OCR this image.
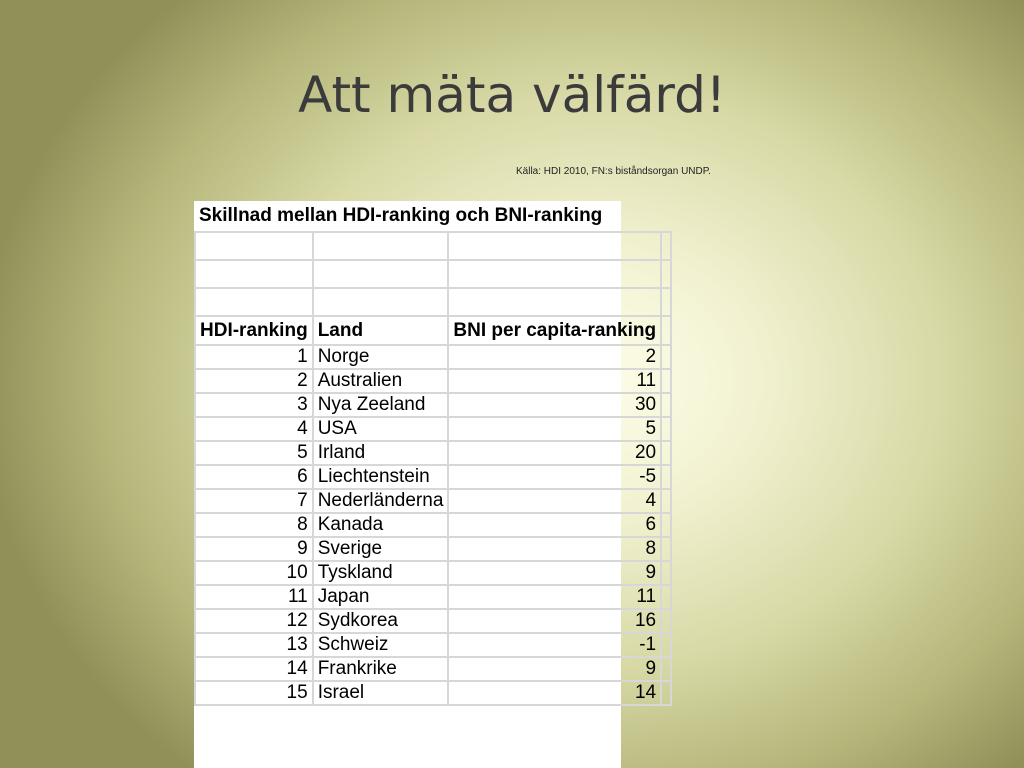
Att mäta välfärd!
Källa: HDI 2010, FN:s biståndsorgan UNDP.
Skillnad mellan HDI-ranking och BNI-ranking			

HDI-ranking	Land	BNI per capita-ranking	
1	Norge	2	
2	Australien	11	
3	Nya Zeeland	30	
4	USA	5	
5	Irland	20	
6	Liechtenstein	-5	
7	Nederländerna	4	
8	Kanada	6	
9	Sverige	8	
10	Tyskland	9	
11	Japan	11	
12	Sydkorea	16	
13	Schweiz	-1	
14	Frankrike	9	
15	Israel	14	
